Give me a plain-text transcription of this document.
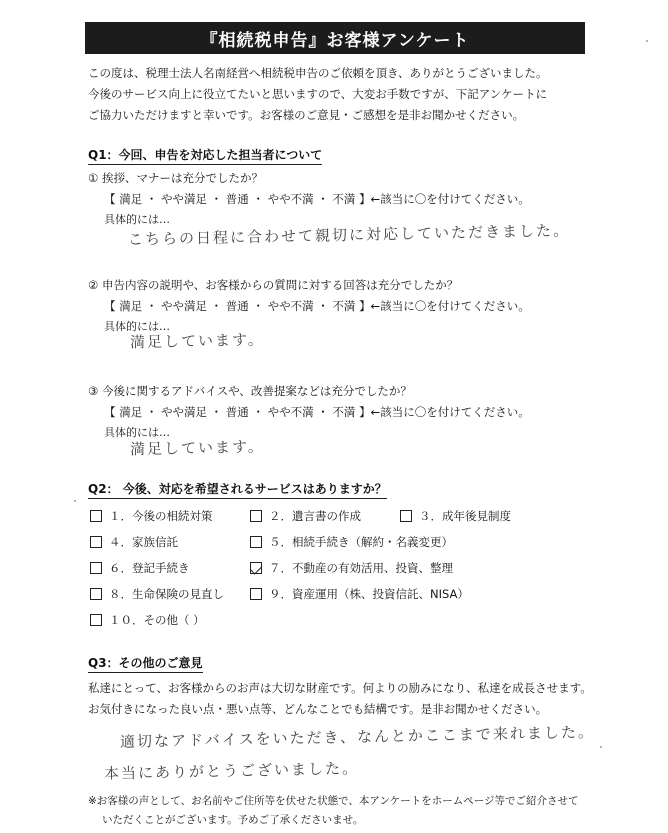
『相続税申告』お客様アンケート
この度は、税理士法人名南経営へ相続税申告のご依頼を頂き、ありがとうございました。
今後のサービス向上に役立てたいと思いますので、大変お手数ですが、下記アンケートに
ご協力いただけますと幸いです。お客様のご意見・ご感想を是非お聞かせください。
Q1：今回、申告を対応した担当者について
① 挨拶、マナーは充分でしたか？
【 満足 ・ やや満足 ・ 普通 ・ やや不満 ・ 不満 】←該当に〇を付けてください。
具体的には…
こちらの日程に合わせて親切に対応していただきました。
② 申告内容の説明や、お客様からの質問に対する回答は充分でしたか？
【 満足 ・ やや満足 ・ 普通 ・ やや不満 ・ 不満 】←該当に〇を付けてください。
具体的には…
満足しています。
③ 今後に関するアドバイスや、改善提案などは充分でしたか？
【 満足 ・ やや満足 ・ 普通 ・ やや不満 ・ 不満 】←該当に〇を付けてください。
具体的には…
満足しています。
Q2： 今後、対応を希望されるサービスはありますか？
１．今後の相続対策	２．遺言書の作成	３．成年後見制度
４．家族信託	５．相続手続き（解約・名義変更）
６．登記手続き	７．不動産の有効活用、投資、整理
８．生命保険の見直し	９．資産運用（株、投資信託、NISA）
１０．その他（ ）
Q3：その他のご意見
私達にとって、お客様からのお声は大切な財産です。何よりの励みになり、私達を成長させます。
お気付きになった良い点・悪い点等、どんなことでも結構です。是非お聞かせください。
適切なアドバイスをいただき、なんとかここまで来れました。
本当にありがとうございました。
※お客様の声として、お名前やご住所等を伏せた状態で、本アンケートをホームページ等でご紹介させて
いただくことがございます。予めご了承くださいませ。
